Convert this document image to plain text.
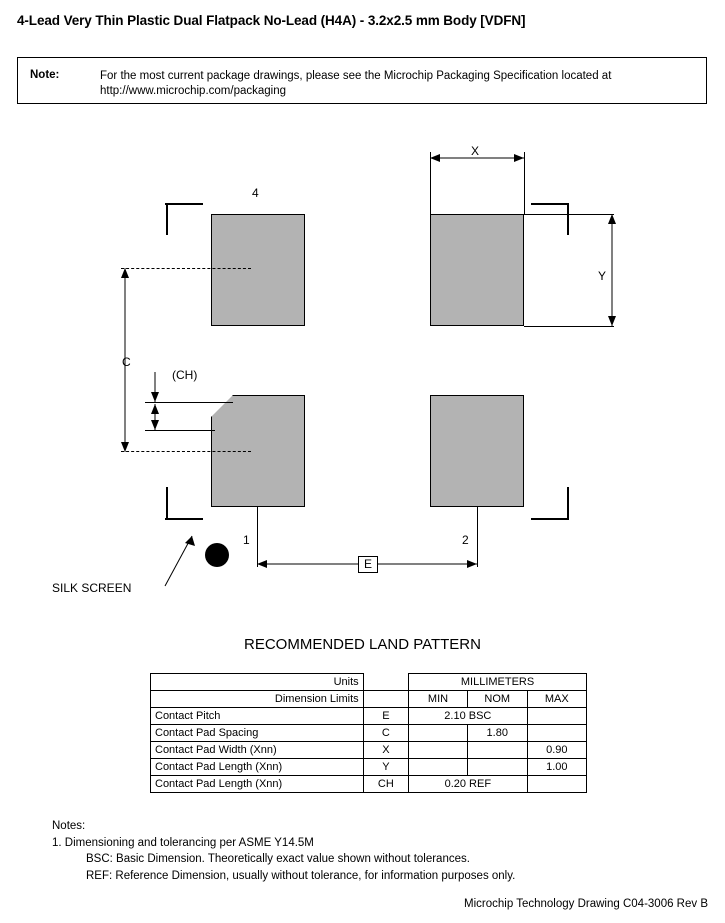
4-Lead Very Thin Plastic Dual Flatpack No-Lead (H4A) - 3.2x2.5 mm Body [VDFN]
Note:	For the most current package drawings, please see the Microchip Packaging Specification located at http://www.microchip.com/packaging
4
1	2
SILK SCREEN
X
Y
C
(CH)
E
RECOMMENDED LAND PATTERN
Units		MILLIMETERS		
Dimension Limits		MIN	NOM	MAX
Contact Pitch	E	2.10 BSC		
Contact Pad Spacing	C		1.80	
Contact Pad Width (Xnn)	X			0.90
Contact Pad Length (Xnn)	Y			1.00
Contact Pad Length (Xnn)	CH	0.20 REF		
Notes:
1. Dimensioning and tolerancing per ASME Y14.5M
BSC: Basic Dimension. Theoretically exact value shown without tolerances.
REF: Reference Dimension, usually without tolerance, for information purposes only.
Microchip Technology Drawing C04-3006 Rev B
